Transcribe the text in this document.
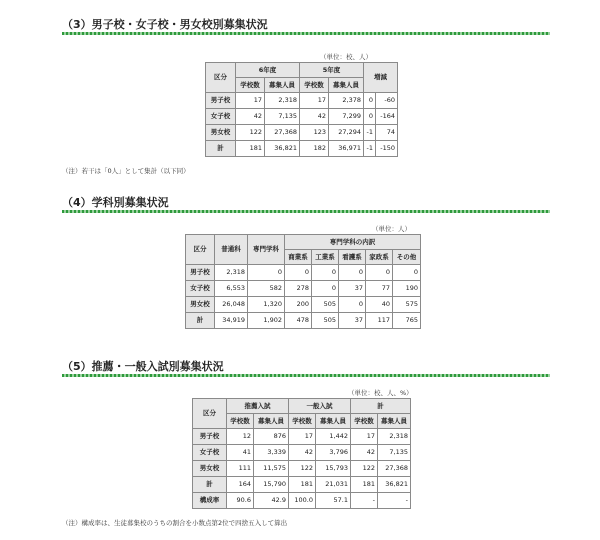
（3）男子校・女子校・男女校別募集状況
（単位：校、人）
区分	6年度		5年度		増減	
	学校数	募集人員	学校数	募集人員		
男子校	17	2,318	17	2,378	0	-60
女子校	42	7,135	42	7,299	0	-164
男女校	122	27,368	123	27,294	-1	74
計	181	36,821	182	36,971	-1	-150
（注）若干は「0人」として集計（以下同）
（4）学科別募集状況
（単位：人）
区分	普通科	専門学科	専門学科の内訳				
			商業系	工業系	看護系	家政系	その他
男子校	2,318	0	0	0	0	0	0
女子校	6,553	582	278	0	37	77	190
男女校	26,048	1,320	200	505	0	40	575
計	34,919	1,902	478	505	37	117	765
（5）推薦・一般入試別募集状況
（単位：校、人、%）
区分	推薦入試		一般入試		計	
	学校数	募集人員	学校数	募集人員	学校数	募集人員
男子校	12	876	17	1,442	17	2,318
女子校	41	3,339	42	3,796	42	7,135
男女校	111	11,575	122	15,793	122	27,368
計	164	15,790	181	21,031	181	36,821
構成率	90.6	42.9	100.0	57.1	-	-
（注）構成率は、生徒募集校のうちの割合を小数点第2位で四捨五入して算出
